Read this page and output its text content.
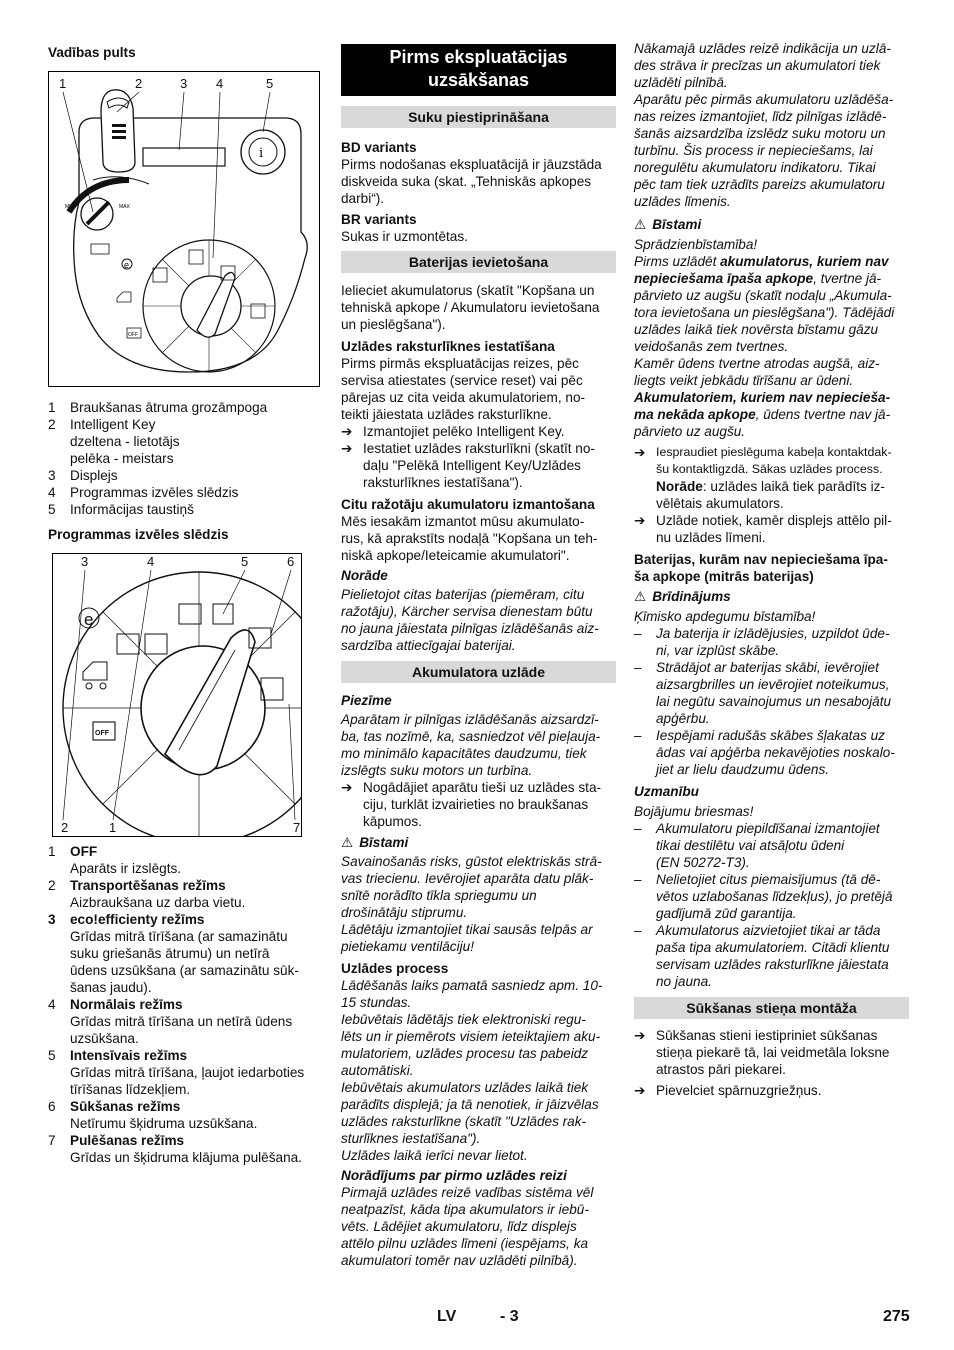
Vadības pults

1	2	3 4	5
i
MIN	MAX
e
OFF
1	Braukšanas ātruma grozāmpoga
2	Intelligent Key
dzeltena - lietotājs
pelēka - meistars
3	Displejs
4	Programmas izvēles slēdzis
5	Informācijas taustiņš

Programmas izvēles slēdzis

3	4	5	6
2	1	7
e
OFF
1	OFF

Aparāts ir izslēgts.

2	Transportēšanas režīms

Aizbraukšana uz darba vietu.

3	eco!efficienty režīms

Grīdas mitrā tīrīšana (ar samazinātu

suku griešanās ātrumu) un netīrā

ūdens uzsūkšana (ar samazinātu sūk-

šanas jaudu).

4	Normālais režīms

Grīdas mitrā tīrīšana un netīrā ūdens

uzsūkšana.

5	Intensīvais režīms

Grīdas mitrā tīrīšana, ļaujot iedarboties

tīrīšanas līdzekļiem.

6	Sūkšanas režīms

Netīrumu šķidruma uzsūkšana.

7	Pulēšanas režīms

Grīdas un šķidruma klājuma pulēšana.

Pirms ekspluatācijas
uzsākšanas
Suku piestiprināšana

BD variants

Pirms nodošanas ekspluatācijā ir jāuzstāda

diskveida suka (skat. „Tehniskās apkopes

darbi“).

BR variants

Sukas ir uzmontētas.

Baterijas ievietošana

Ielieciet akumulatorus (skatīt "Kopšana un

tehniskā apkope / Akumulatoru ievietošana

un pieslēgšana").

Uzlādes raksturlīknes iestatīšana

Pirms pirmās ekspluatācijas reizes, pēc

servisa atiestates (service reset) vai pēc

pārejas uz cita veida akumulatoriem, no-

teikti jāiestata uzlādes raksturlīkne.

➔ Izmantojiet pelēko Intelligent Key.

➔ Iestatiet uzlādes raksturlīkni (skatīt no-

daļu "Pelēkā Intelligent Key/Uzlādes

raksturlīknes iestatīšana").

Citu ražotāju akumulatoru izmantošana

Mēs iesakām izmantot mūsu akumulato-

rus, kā aprakstīts nodaļā "Kopšana un teh-

niskā apkope/Ieteicamie akumulatori".

Norāde

Pielietojot citas baterijas (piemēram, citu

ražotāju), Kärcher servisa dienestam būtu

no jauna jāiestata pilnīgas izlādēšanās aiz-

sardzība attiecīgajai baterijai.

Akumulatora uzlāde

Piezīme

Aparātam ir pilnīgas izlādēšanās aizsardzī-

ba, tas nozīmē, ka, sasniedzot vēl pieļauja-

mo minimālo kapacitātes daudzumu, tiek

izslēgts suku motors un turbīna.

➔ Nogādājiet aparātu tieši uz uzlādes sta-

ciju, turklāt izvairieties no braukšanas

kāpumos.

⚠ Bīstami

Savainošanās risks, gūstot elektriskās strā-

vas triecienu. Ievērojiet aparāta datu plāk-

snītē norādīto tīkla spriegumu un

drošinātāju stiprumu.

Lādētāju izmantojiet tikai sausās telpās ar

pietiekamu ventilāciju!

Uzlādes process

Lādēšanās laiks pamatā sasniedz apm. 10-

15 stundas.

Iebūvētais lādētājs tiek elektroniski regu-

lēts un ir piemērots visiem ieteiktajiem aku-

mulatoriem, uzlādes procesu tas pabeidz

automātiski.

Iebūvētais akumulators uzlādes laikā tiek

parādīts displejā; ja tā nenotiek, ir jāizvēlas

uzlādes raksturlīkne (skatīt "Uzlādes rak-

sturlīknes iestatīšana").

Uzlādes laikā ierīci nevar lietot.

Norādījums par pirmo uzlādes reizi

Pirmajā uzlādes reizē vadības sistēma vēl

neatpazīst, kāda tipa akumulators ir iebū-

vēts. Lādējiet akumulatoru, līdz displejs

attēlo pilnu uzlādes līmeni (iespējams, ka

akumulatori tomēr nav uzlādēti pilnībā).

Nākamajā uzlādes reizē indikācija un uzlā-

des strāva ir precīzas un akumulatori tiek

uzlādēti pilnībā.

Aparātu pēc pirmās akumulatoru uzlādēša-

nas reizes izmantojiet, līdz pilnīgas izlādē-

šanās aizsardzība izslēdz suku motoru un

turbīnu. Šis process ir nepieciešams, lai

noregulētu akumulatoru indikatoru. Tikai

pēc tam tiek uzrādīts pareizs akumulatoru

uzlādes līmenis.

⚠ Bīstami

Sprādzienbīstamība!

Pirms uzlādēt akumulatorus, kuriem nav

nepieciešama īpaša apkope, tvertne jā-

pārvieto uz augšu (skatīt nodaļu „Akumula-

tora ievietošana un pieslēgšana"). Tādējādi

uzlādes laikā tiek novērsta bīstamu gāzu

veidošanās zem tvertnes.

Kamēr ūdens tvertne atrodas augšā, aiz-

liegts veikt jebkādu tīrīšanu ar ūdeni.

Akumulatoriem, kuriem nav nepiecieša-

ma nekāda apkope, ūdens tvertne nav jā-

pārvieto uz augšu.

➔ Iespraudiet pieslēguma kabeļa kontaktdak-

šu kontaktligzdā. Sākas uzlādes process.

Norāde: uzlādes laikā tiek parādīts iz-

vēlētais akumulators.

➔ Uzlāde notiek, kamēr displejs attēlo pil-

nu uzlādes līmeni.

Baterijas, kurām nav nepieciešama īpa-

ša apkope (mitrās baterijas)

⚠ Brīdinājums

Ķīmisko apdegumu bīstamība!

–	Ja baterija ir izlādējusies, uzpildot ūde-

ni, var izplūst skābe.

–	Strādājot ar baterijas skābi, ievērojiet

aizsargbrilles un ievērojiet noteikumus,

lai negūtu savainojumus un nesabojātu

apģērbu.

–	Iespējami radušās skābes šļakatas uz

ādas vai apģērba nekavējoties noskalo-

jiet ar lielu daudzumu ūdens.

Uzmanību

Bojājumu briesmas!

–	Akumulatoru piepildīšanai izmantojiet

tikai destilētu vai atsāļotu ūdeni

(EN 50272-T3).

–	Nelietojiet citus piemaisījumus (tā dē-

vētos uzlabošanas līdzekļus), jo pretējā

gadījumā zūd garantija.

–	Akumulatorus aizvietojiet tikai ar tāda

paša tipa akumulatoriem. Citādi klientu

servisam uzlādes raksturlīkne jāiestata

no jauna.

Sūkšanas stieņa montāža
➔ Sūkšanas stieni iestipriniet sūkšanas

stieņa piekarē tā, lai veidmetāla loksne

atrastos pāri piekarei.

➔ Pievelciet spārnuzgriežņus.

LV	- 3	275
